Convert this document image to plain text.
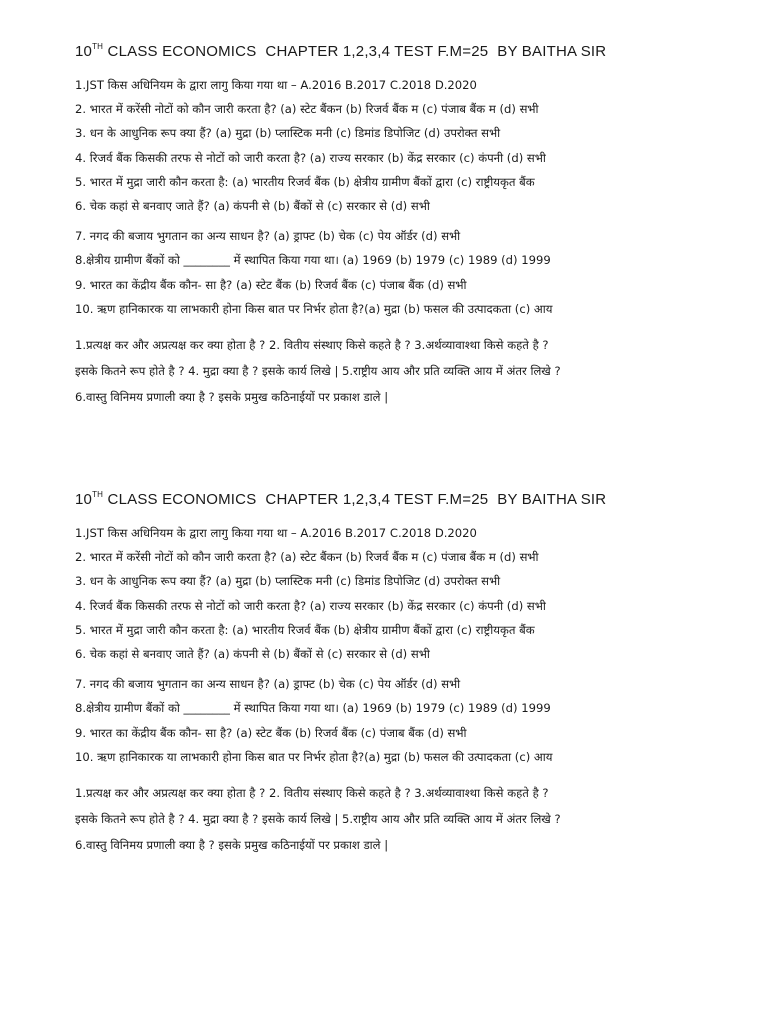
10TH CLASS ECONOMICS CHAPTER 1,2,3,4 TEST F.M=25 BY BAITHA SIR
1.JST किस अधिनियम के द्वारा लागु किया गया था – A.2016 B.2017 C.2018 D.2020
2. भारत में करेंसी नोटों को कौन जारी करता है? (a) स्टेट बैंकन (b) रिजर्व बैंक म (c) पंजाब बैंक म (d) सभी
3. धन के आधुनिक रूप क्या हैं? (a) मुद्रा (b) प्लास्टिक मनी (c) डिमांड डिपोजिट (d) उपरोक्त सभी
4. रिजर्व बैंक किसकी तरफ से नोटों को जारी करता है? (a) राज्य सरकार (b) केंद्र सरकार (c) कंपनी (d) सभी
5. भारत में मुद्रा जारी कौन करता है: (a) भारतीय रिजर्व बैंक (b) क्षेत्रीय ग्रामीण बैंकों द्वारा (c) राष्ट्रीयकृत बैंक
6. चेक कहां से बनवाए जाते हैं? (a) कंपनी से (b) बैंकों से (c) सरकार से (d) सभी
7. नगद की बजाय भुगतान का अन्य साधन है? (a) ड्राफ्ट (b) चेक (c) पेय ऑर्डर (d) सभी
8.क्षेत्रीय ग्रामीण बैंकों को ________ में स्थापित किया गया था। (a) 1969 (b) 1979 (c) 1989 (d) 1999
9. भारत का केंद्रीय बैंक कौन- सा है? (a) स्टेट बैंक (b) रिजर्व बैंक (c) पंजाब बैंक (d) सभी
10. ऋण हानिकारक या लाभकारी होना किस बात पर निर्भर होता है?(a) मुद्रा (b) फसल की उत्पादकता (c) आय
1.प्रत्यक्ष कर और अप्रत्यक्ष कर क्या होता है ? 2. वितीय संस्थाए किसे कहते है ? 3.अर्थव्यावाश्था किसे कहते है ?
इसके कितने रूप होते है ? 4. मुद्रा क्या है ? इसके कार्य लिखे | 5.राष्ट्रीय आय और प्रति व्यक्ति आय में अंतर लिखे ?
6.वास्तु विनिमय प्रणाली क्या है ? इसके प्रमुख कठिनाईयों पर प्रकाश डाले |
10TH CLASS ECONOMICS CHAPTER 1,2,3,4 TEST F.M=25 BY BAITHA SIR
1.JST किस अधिनियम के द्वारा लागु किया गया था – A.2016 B.2017 C.2018 D.2020
2. भारत में करेंसी नोटों को कौन जारी करता है? (a) स्टेट बैंकन (b) रिजर्व बैंक म (c) पंजाब बैंक म (d) सभी
3. धन के आधुनिक रूप क्या हैं? (a) मुद्रा (b) प्लास्टिक मनी (c) डिमांड डिपोजिट (d) उपरोक्त सभी
4. रिजर्व बैंक किसकी तरफ से नोटों को जारी करता है? (a) राज्य सरकार (b) केंद्र सरकार (c) कंपनी (d) सभी
5. भारत में मुद्रा जारी कौन करता है: (a) भारतीय रिजर्व बैंक (b) क्षेत्रीय ग्रामीण बैंकों द्वारा (c) राष्ट्रीयकृत बैंक
6. चेक कहां से बनवाए जाते हैं? (a) कंपनी से (b) बैंकों से (c) सरकार से (d) सभी
7. नगद की बजाय भुगतान का अन्य साधन है? (a) ड्राफ्ट (b) चेक (c) पेय ऑर्डर (d) सभी
8.क्षेत्रीय ग्रामीण बैंकों को ________ में स्थापित किया गया था। (a) 1969 (b) 1979 (c) 1989 (d) 1999
9. भारत का केंद्रीय बैंक कौन- सा है? (a) स्टेट बैंक (b) रिजर्व बैंक (c) पंजाब बैंक (d) सभी
10. ऋण हानिकारक या लाभकारी होना किस बात पर निर्भर होता है?(a) मुद्रा (b) फसल की उत्पादकता (c) आय
1.प्रत्यक्ष कर और अप्रत्यक्ष कर क्या होता है ? 2. वितीय संस्थाए किसे कहते है ? 3.अर्थव्यावाश्था किसे कहते है ?
इसके कितने रूप होते है ? 4. मुद्रा क्या है ? इसके कार्य लिखे | 5.राष्ट्रीय आय और प्रति व्यक्ति आय में अंतर लिखे ?
6.वास्तु विनिमय प्रणाली क्या है ? इसके प्रमुख कठिनाईयों पर प्रकाश डाले |
